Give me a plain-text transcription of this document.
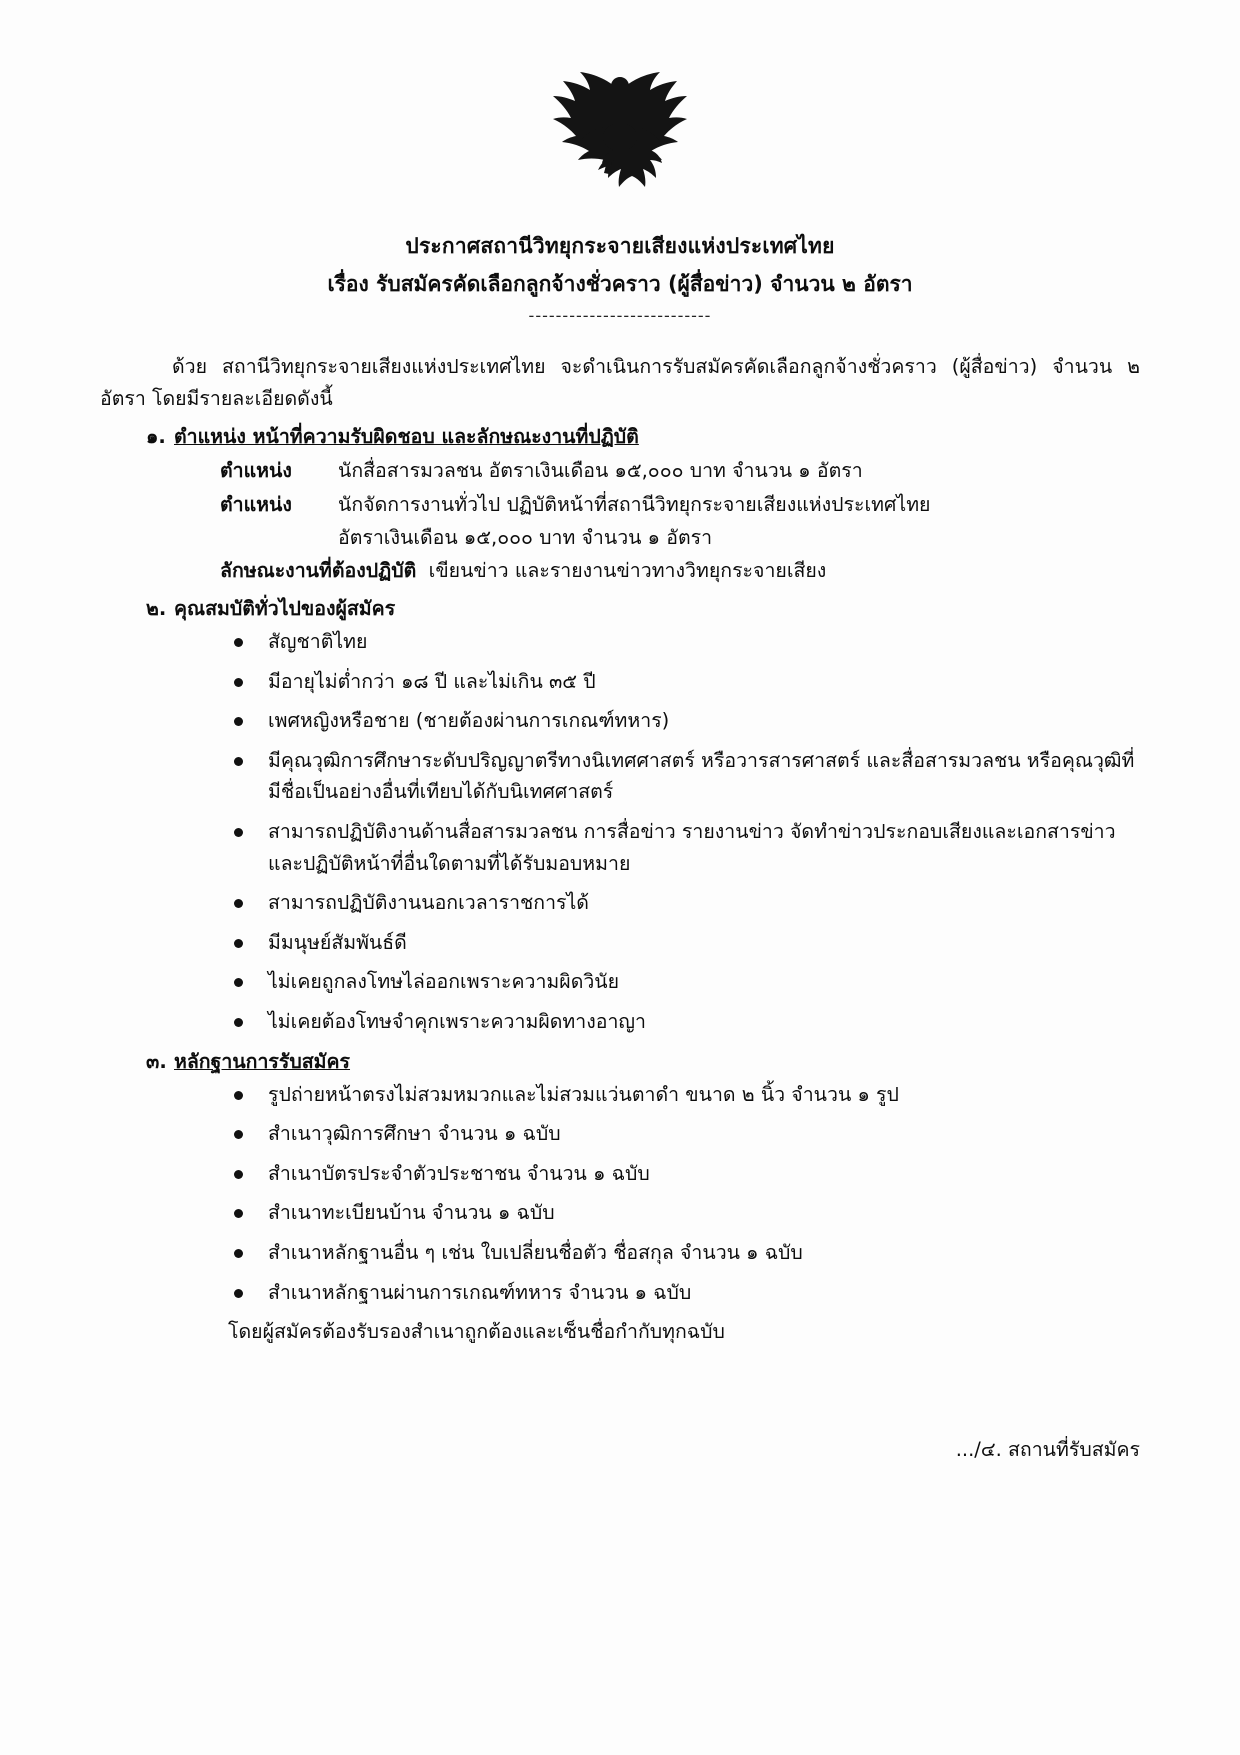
ประกาศสถานีวิทยุกระจายเสียงแห่งประเทศไทย
เรื่อง รับสมัครคัดเลือกลูกจ้างชั่วคราว (ผู้สื่อข่าว) จำนวน ๒ อัตรา
---------------------------

ด้วย สถานีวิทยุกระจายเสียงแห่งประเทศไทย จะดำเนินการรับสมัครคัดเลือกลูกจ้างชั่วคราว (ผู้สื่อข่าว) จำนวน ๒ อัตรา โดยมีรายละเอียดดังนี้

๑. ตำแหน่ง หน้าที่ความรับผิดชอบ และลักษณะงานที่ปฏิบัติ

ตำแหน่ง นักสื่อสารมวลชน อัตราเงินเดือน ๑๕,๐๐๐ บาท จำนวน ๑ อัตรา

ตำแหน่ง นักจัดการงานทั่วไป ปฏิบัติหน้าที่สถานีวิทยุกระจายเสียงแห่งประเทศไทย

อัตราเงินเดือน ๑๕,๐๐๐ บาท จำนวน ๑ อัตรา

ลักษณะงานที่ต้องปฏิบัติ เขียนข่าว และรายงานข่าวทางวิทยุกระจายเสียง

๒. คุณสมบัติทั่วไปของผู้สมัคร
สัญชาติไทย
มีอายุไม่ต่ำกว่า ๑๘ ปี และไม่เกิน ๓๕ ปี
เพศหญิงหรือชาย (ชายต้องผ่านการเกณฑ์ทหาร)
มีคุณวุฒิการศึกษาระดับปริญญาตรีทางนิเทศศาสตร์ หรือวารสารศาสตร์ และสื่อสารมวลชน หรือคุณวุฒิที่มีชื่อเป็นอย่างอื่นที่เทียบได้กับนิเทศศาสตร์
สามารถปฏิบัติงานด้านสื่อสารมวลชน การสื่อข่าว รายงานข่าว จัดทำข่าวประกอบเสียงและเอกสารข่าว และปฏิบัติหน้าที่อื่นใดตามที่ได้รับมอบหมาย
สามารถปฏิบัติงานนอกเวลาราชการได้
มีมนุษย์สัมพันธ์ดี
ไม่เคยถูกลงโทษไล่ออกเพราะความผิดวินัย
ไม่เคยต้องโทษจำคุกเพราะความผิดทางอาญา
๓. หลักฐานการรับสมัคร
รูปถ่ายหน้าตรงไม่สวมหมวกและไม่สวมแว่นตาดำ ขนาด ๒ นิ้ว จำนวน ๑ รูป
สำเนาวุฒิการศึกษา จำนวน ๑ ฉบับ
สำเนาบัตรประจำตัวประชาชน จำนวน ๑ ฉบับ
สำเนาทะเบียนบ้าน จำนวน ๑ ฉบับ
สำเนาหลักฐานอื่น ๆ เช่น ใบเปลี่ยนชื่อตัว ชื่อสกุล จำนวน ๑ ฉบับ
สำเนาหลักฐานผ่านการเกณฑ์ทหาร จำนวน ๑ ฉบับ

โดยผู้สมัครต้องรับรองสำเนาถูกต้องและเซ็นชื่อกำกับทุกฉบับ

.../๔. สถานที่รับสมัคร
